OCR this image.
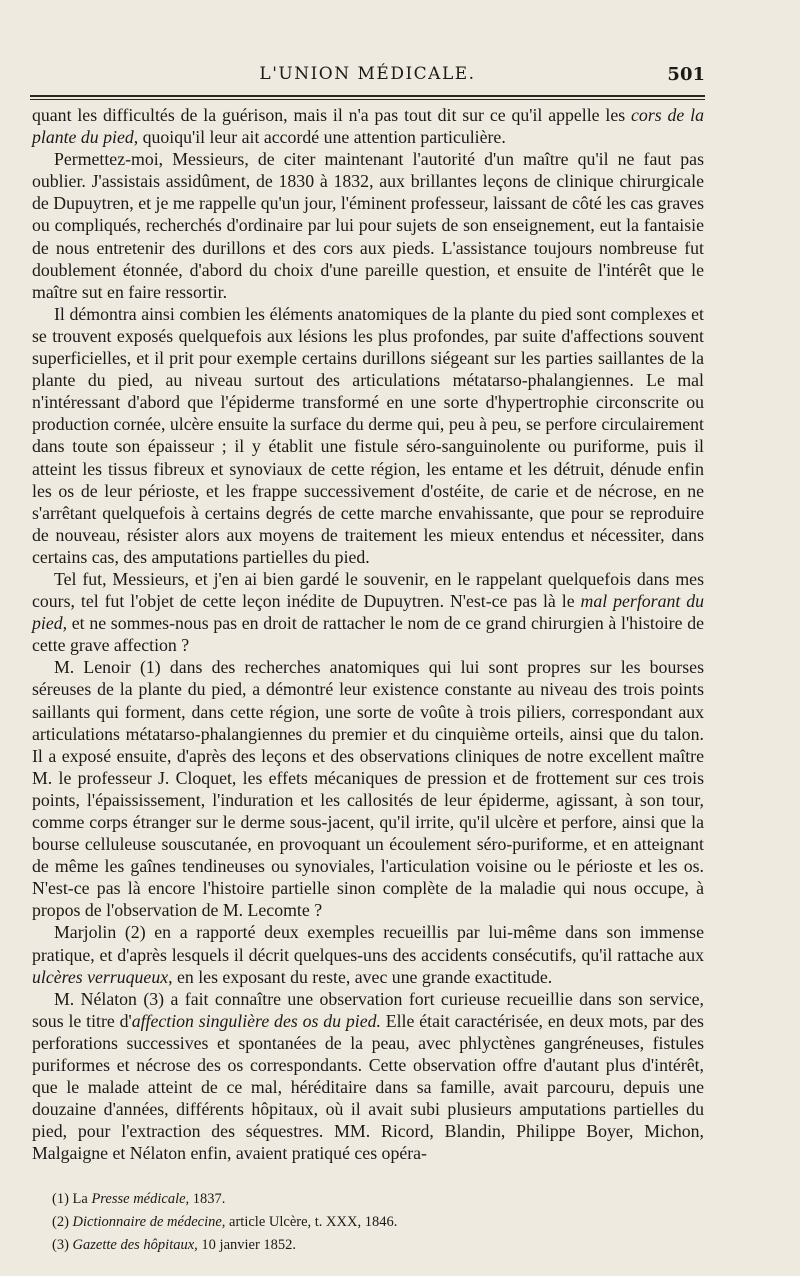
L'UNION MÉDICALE.	501

quant les difficultés de la guérison, mais il n'a pas tout dit sur ce qu'il appelle les cors de la plante du pied, quoiqu'il leur ait accordé une attention particulière.

Permettez-moi, Messieurs, de citer maintenant l'autorité d'un maître qu'il ne faut pas oublier. J'assistais assidûment, de 1830 à 1832, aux brillantes leçons de clinique chirurgicale de Dupuytren, et je me rappelle qu'un jour, l'éminent professeur, laissant de côté les cas graves ou compliqués, recherchés d'ordinaire par lui pour sujets de son enseignement, eut la fantaisie de nous entretenir des durillons et des cors aux pieds. L'assistance toujours nombreuse fut doublement étonnée, d'abord du choix d'une pareille question, et ensuite de l'intérêt que le maître sut en faire ressortir.

Il démontra ainsi combien les éléments anatomiques de la plante du pied sont complexes et se trouvent exposés quelquefois aux lésions les plus profondes, par suite d'affections souvent superficielles, et il prit pour exemple certains durillons siégeant sur les parties saillantes de la plante du pied, au niveau surtout des articulations métatarso-phalangiennes. Le mal n'intéressant d'abord que l'épiderme transformé en une sorte d'hypertrophie circonscrite ou production cornée, ulcère ensuite la surface du derme qui, peu à peu, se perfore circulairement dans toute son épaisseur ; il y établit une fistule séro-sanguinolente ou puriforme, puis il atteint les tissus fibreux et synoviaux de cette région, les entame et les détruit, dénude enfin les os de leur périoste, et les frappe successivement d'ostéite, de carie et de nécrose, en ne s'arrêtant quelquefois à certains degrés de cette marche envahissante, que pour se reproduire de nouveau, résister alors aux moyens de traitement les mieux entendus et nécessiter, dans certains cas, des amputations partielles du pied.

Tel fut, Messieurs, et j'en ai bien gardé le souvenir, en le rappelant quelquefois dans mes cours, tel fut l'objet de cette leçon inédite de Dupuytren. N'est-ce pas là le mal perforant du pied, et ne sommes-nous pas en droit de rattacher le nom de ce grand chirurgien à l'histoire de cette grave affection ?

M. Lenoir (1) dans des recherches anatomiques qui lui sont propres sur les bourses séreuses de la plante du pied, a démontré leur existence constante au niveau des trois points saillants qui forment, dans cette région, une sorte de voûte à trois piliers, correspondant aux articulations métatarso-phalangiennes du premier et du cinquième orteils, ainsi que du talon. Il a exposé ensuite, d'après des leçons et des observations cliniques de notre excellent maître M. le professeur J. Cloquet, les effets mécaniques de pression et de frottement sur ces trois points, l'épaississement, l'induration et les callosités de leur épiderme, agissant, à son tour, comme corps étranger sur le derme sous-jacent, qu'il irrite, qu'il ulcère et perfore, ainsi que la bourse celluleuse souscutanée, en provoquant un écoulement séro-puriforme, et en atteignant de même les gaînes tendineuses ou synoviales, l'articulation voisine ou le périoste et les os. N'est-ce pas là encore l'histoire partielle sinon complète de la maladie qui nous occupe, à propos de l'observation de M. Lecomte ?

Marjolin (2) en a rapporté deux exemples recueillis par lui-même dans son immense pratique, et d'après lesquels il décrit quelques-uns des accidents consécutifs, qu'il rattache aux ulcères verruqueux, en les exposant du reste, avec une grande exactitude.

M. Nélaton (3) a fait connaître une observation fort curieuse recueillie dans son service, sous le titre d'affection singulière des os du pied. Elle était caractérisée, en deux mots, par des perforations successives et spontanées de la peau, avec phlyctènes gangréneuses, fistules puriformes et nécrose des os correspondants. Cette observation offre d'autant plus d'intérêt, que le malade atteint de ce mal, héréditaire dans sa famille, avait parcouru, depuis une douzaine d'années, différents hôpitaux, où il avait subi plusieurs amputations partielles du pied, pour l'extraction des séquestres. MM. Ricord, Blandin, Philippe Boyer, Michon, Malgaigne et Nélaton enfin, avaient pratiqué ces opéra-

(1) La Presse médicale, 1837.

(2) Dictionnaire de médecine, article Ulcère, t. XXX, 1846.

(3) Gazette des hôpitaux, 10 janvier 1852.
